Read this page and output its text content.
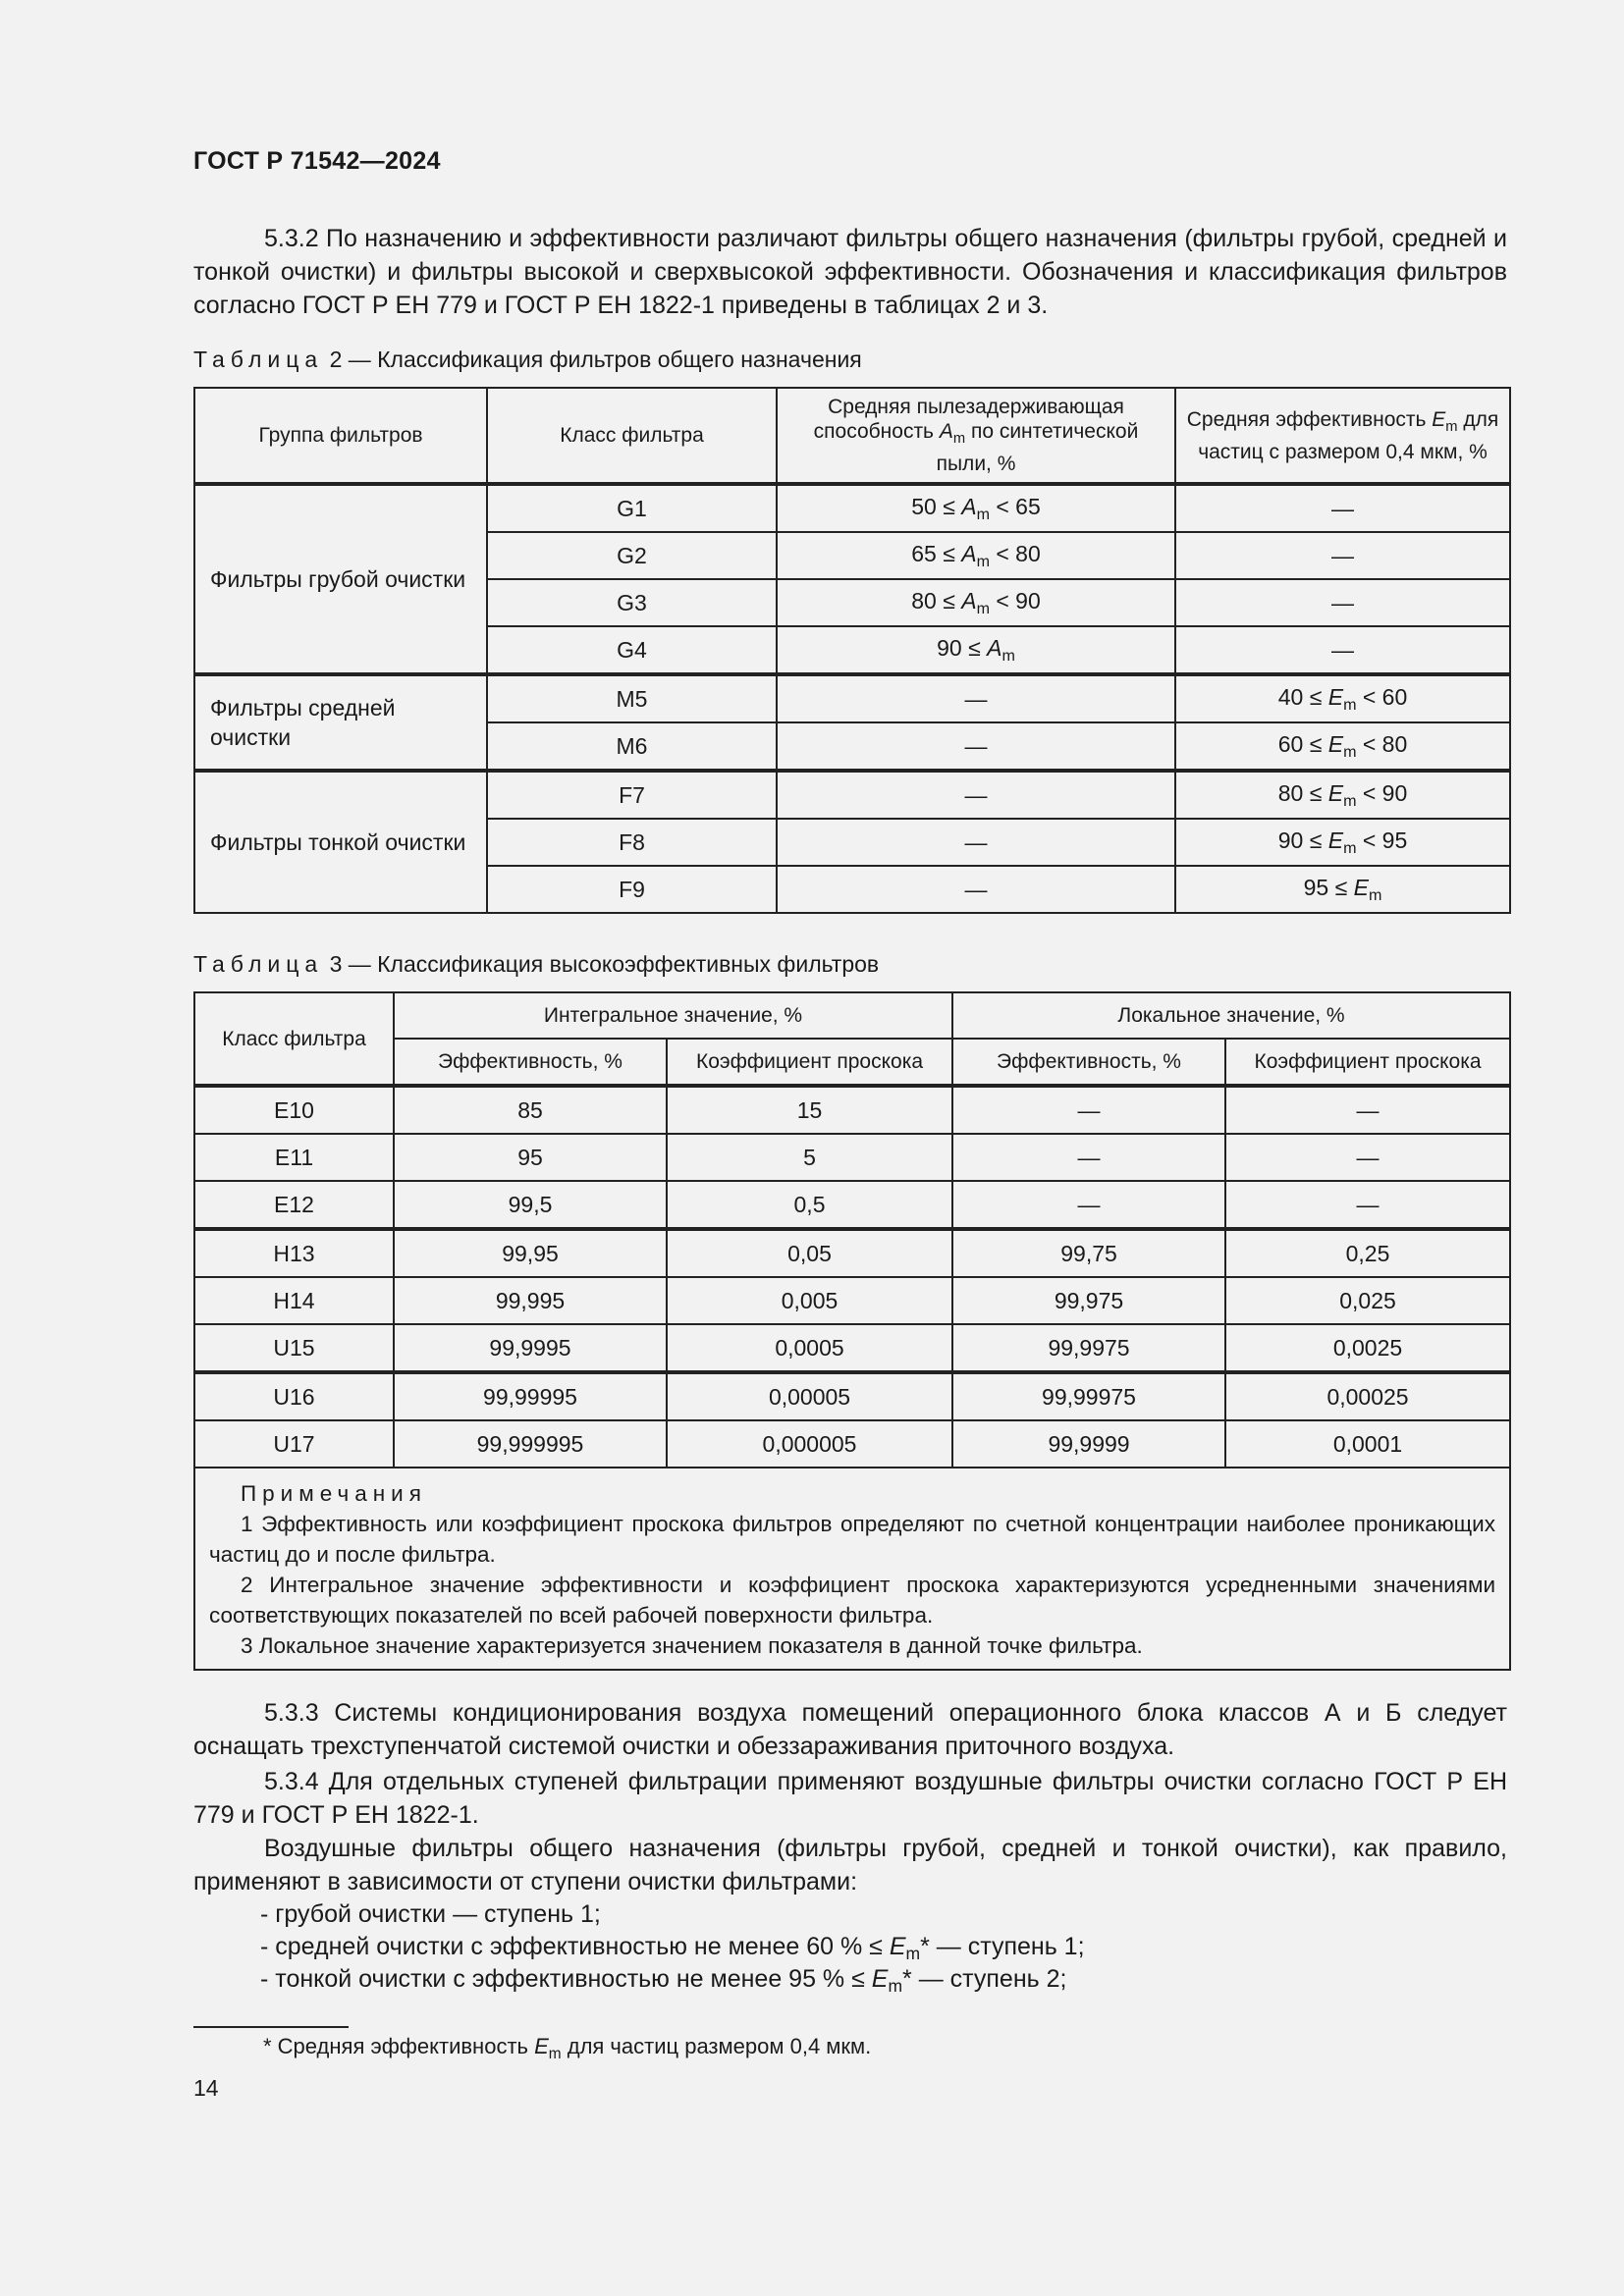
ГОСТ Р 71542—2024
5.3.2 По назначению и эффективности различают фильтры общего назначения (фильтры грубой, средней и тонкой очистки) и фильтры высокой и сверхвысокой эффективности. Обозначения и классификация фильтров согласно ГОСТ Р ЕН 779 и ГОСТ Р ЕН 1822-1 приведены в таблицах 2 и 3.
Таблица 2 — Классификация фильтров общего назначения
Группа фильтров	Класс фильтра	Средняя пылезадерживающая способность $A_m$ по синтетической пыли, %	Средняя эффективность $E_m$ для частиц с размером 0,4 мкм, %
Фильтры грубой очистки	G1	$50 \le A_m < 65$	—
	G2	$65 \le A_m < 80$	—
	G3	$80 \le A_m < 90$	—
	G4	$90 \le A_m$	—
Фильтры средней очистки	M5	—	$40 \le E_m < 60$
	M6	—	$60 \le E_m < 80$
Фильтры тонкой очистки	F7	—	$80 \le E_m < 90$
	F8	—	$90 \le E_m < 95$
	F9	—	$95 \le E_m$
Таблица 3 — Классификация высокоэффективных фильтров
Класс фильтра	Интегральное значение, %		Локальное значение, %	
	Эффективность, %	Коэффициент проскока	Эффективность, %	Коэффициент проскока
E10	85	15	—	—
E11	95	5	—	—
E12	99,5	0,5	—	—
H13	99,95	0,05	99,75	0,25
H14	99,995	0,005	99,975	0,025
U15	99,9995	0,0005	99,9975	0,0025
U16	99,99995	0,00005	99,99975	0,00025
U17	99,999995	0,000005	99,9999	0,0001

Примечания
1 Эффективность или коэффициент проскока фильтров определяют по счетной концентрации наиболее проникающих частиц до и после фильтра.
2 Интегральное значение эффективности и коэффициент проскока характеризуются усредненными значениями соответствующих показателей по всей рабочей поверхности фильтра.
3 Локальное значение характеризуется значением показателя в данной точке фильтра.				
5.3.3 Системы кондиционирования воздуха помещений операционного блока классов А и Б следует оснащать трехступенчатой системой очистки и обеззараживания приточного воздуха.
5.3.4 Для отдельных ступеней фильтрации применяют воздушные фильтры очистки согласно ГОСТ Р ЕН 779 и ГОСТ Р ЕН 1822-1.
Воздушные фильтры общего назначения (фильтры грубой, средней и тонкой очистки), как правило, применяют в зависимости от ступени очистки фильтрами:
- грубой очистки — ступень 1;
- средней очистки с эффективностью не менее 60 % ≤ $E_m*$ — ступень 1;
- тонкой очистки с эффективностью не менее 95 % ≤ $E_m*$ — ступень 2;
* Средняя эффективность $E_m$ для частиц размером 0,4 мкм.
14
